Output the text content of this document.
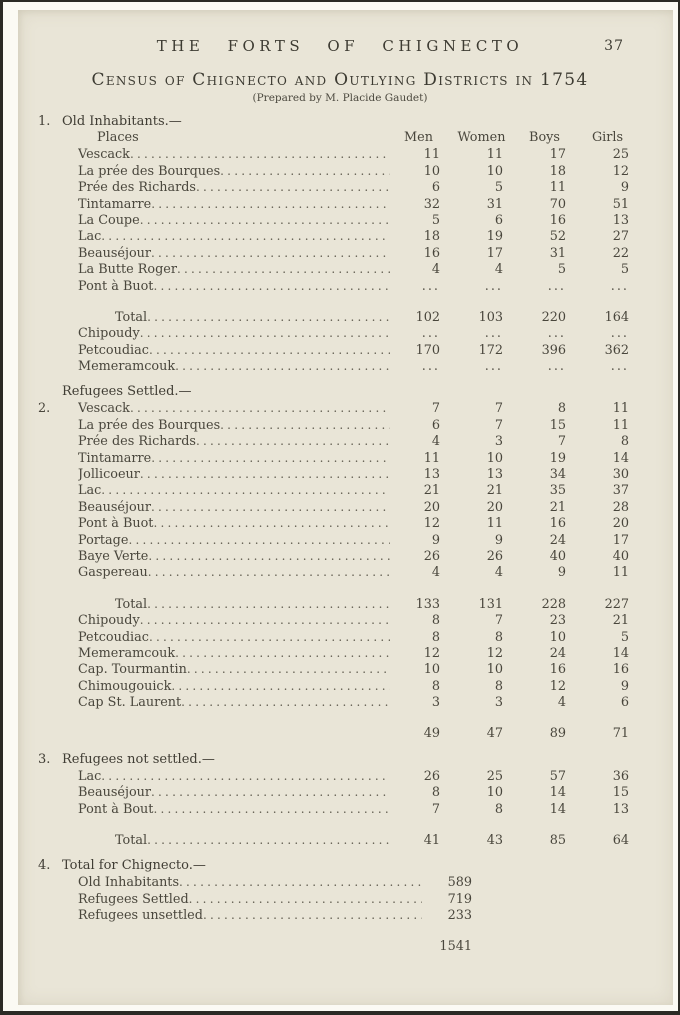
THE FORTS OF CHIGNECTO	37
Census of Chignecto and Outlying Districts in 1754
(Prepared by M. Placide Gaudet)
1. Old Inhabitants.—
Places	Men	Women	Boys	Girls
Vescack .....	11	11	17	25
La prée des Bourques .....	10	10	18	12
Prée des Richards .....	6	5	11	9
Tintamarre .....	32	31	70	51
La Coupe .....	5	6	16	13
Lac .....	18	19	52	27
Beauséjour .....	16	17	31	22
La Butte Roger .....	4	4	5	5
Pont à Buot .....	...	...	...	...
Total .....	102	103	220	164
Chipoudy .....	...	...	...	...
Petcoudiac .....	170	172	396	362
Memeramcouk .....	...	...	...	...
Refugees Settled.—
2.	Vescack .....	7	7	8	11
La prée des Bourques .....	6	7	15	11
Prée des Richards .....	4	3	7	8
Tintamarre .....	11	10	19	14
Jollicoeur .....	13	13	34	30
Lac .....	21	21	35	37
Beauséjour .....	20	20	21	28
Pont à Buot .....	12	11	16	20
Portage .....	9	9	24	17
Baye Verte .....	26	26	40	40
Gaspereau .....	4	4	9	11
Total .....	133	131	228	227
Chipoudy .....	8	7	23	21
Petcoudiac .....	8	8	10	5
Memeramcouk .....	12	12	24	14
Cap. Tourmantin .....	10	10	16	16
Chimougouick .....	8	8	12	9
Cap St. Laurent .....	3	3	4	6
49	47	89	71
3. Refugees not settled.—
Lac .....	26	25	57	36
Beauséjour .....	8	10	14	15
Pont à Bout .....	7	8	14	13
Total .....	41	43	85	64
4. Total for Chignecto.—
Old Inhabitants .....	589
Refugees Settled .....	719
Refugees unsettled .....	233
1541
